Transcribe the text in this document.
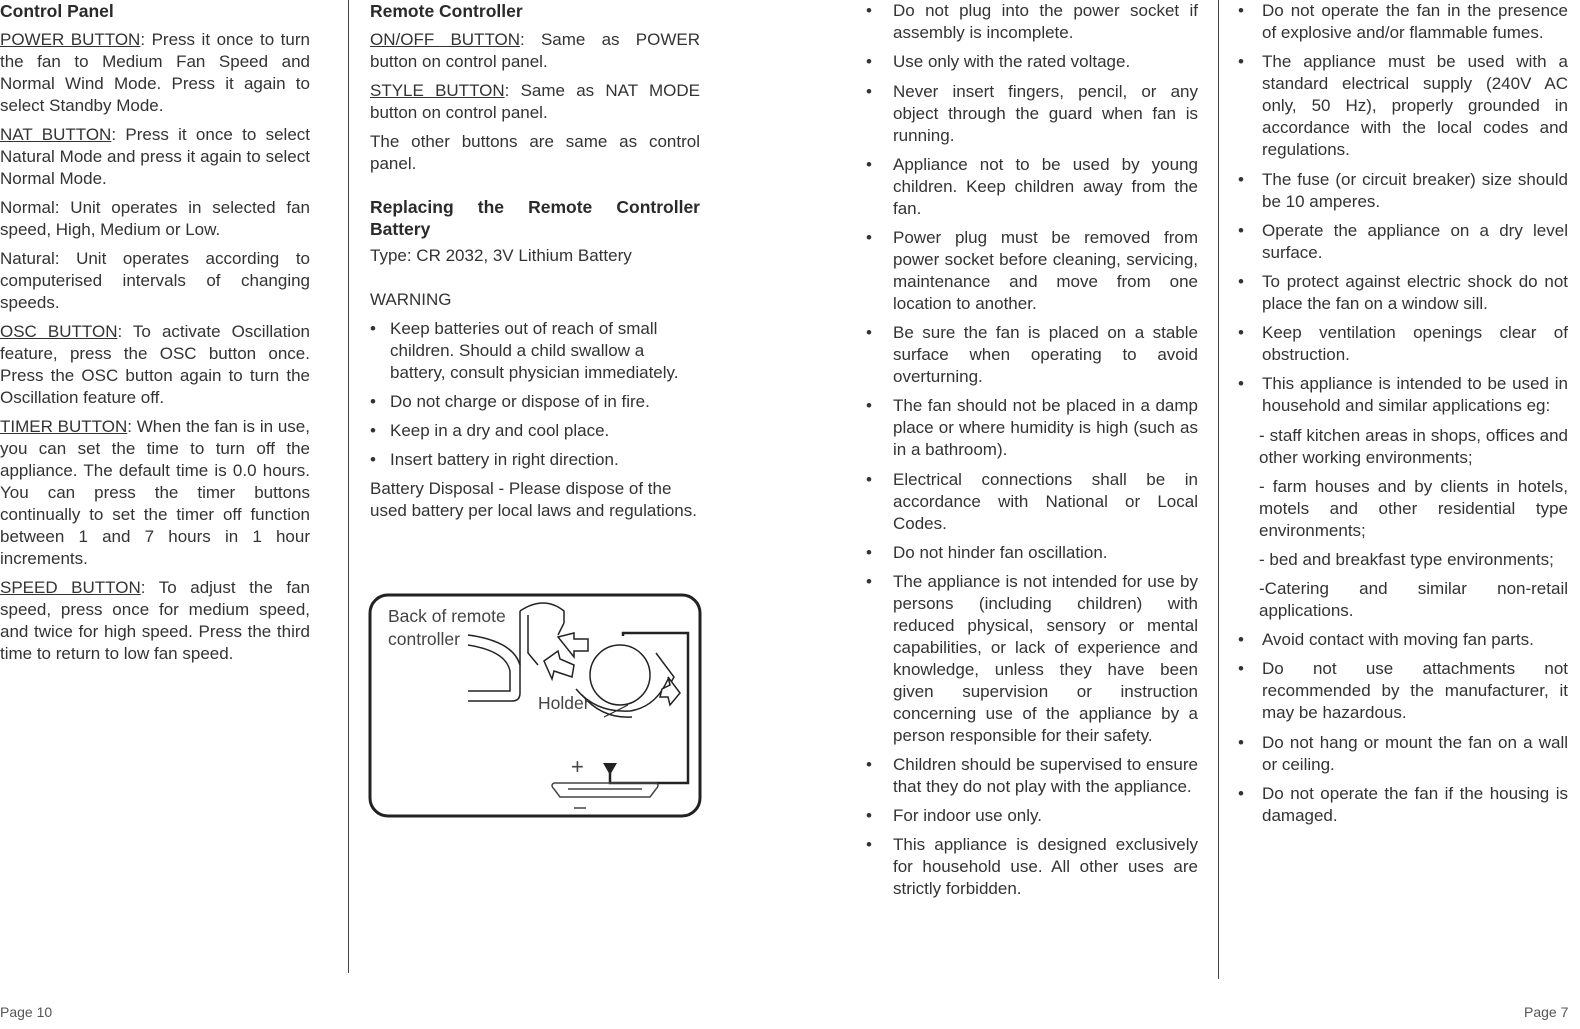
Control Panel

POWER BUTTON: Press it once to turn the fan to Medium Fan Speed and Normal Wind Mode. Press it again to select Standby Mode.

NAT BUTTON: Press it once to select Natural Mode and press it again to select Normal Mode.

Normal: Unit operates in selected fan speed, High, Medium or Low.

Natural: Unit operates according to computerised intervals of changing speeds.

OSC BUTTON: To activate Oscillation feature, press the OSC button once. Press the OSC button again to turn the Oscillation feature off.

TIMER BUTTON: When the fan is in use, you can set the time to turn off the appliance. The default time is 0.0 hours. You can press the timer buttons continually to set the timer off function between 1 and 7 hours in 1 hour increments.

SPEED BUTTON: To adjust the fan speed, press once for medium speed, and twice for high speed. Press the third time to return to low fan speed.

Remote Controller

ON/OFF BUTTON: Same as POWER button on control panel.

STYLE BUTTON: Same as NAT MODE button on control panel.

The other buttons are same as control panel.

Replacing the Remote Controller Battery

Type: CR 2032, 3V Lithium Battery

WARNING

• Keep batteries out of reach of small children. Should a child swallow a battery, consult physician immediately.
• Do not charge or dispose of in fire.
• Keep in a dry and cool place.
• Insert battery in right direction.

Battery Disposal - Please dispose of the used battery per local laws and regulations.

Back of remote
controller
Holder
+
• Do not plug into the power socket if assembly is incomplete.
• Use only with the rated voltage.
• Never insert fingers, pencil, or any object through the guard when fan is running.
• Appliance not to be used by young children. Keep children away from the fan.
• Power plug must be removed from power socket before cleaning, servicing, maintenance and move from one location to another.
• Be sure the fan is placed on a stable surface when operating to avoid overturning.
• The fan should not be placed in a damp place or where humidity is high (such as in a bathroom).
• Electrical connections shall be in accordance with National or Local Codes.
• Do not hinder fan oscillation.
• The appliance is not intended for use by persons (including children) with reduced physical, sensory or mental capabilities, or lack of experience and knowledge, unless they have been given supervision or instruction concerning use of the appliance by a person responsible for their safety.
• Children should be supervised to ensure that they do not play with the appliance.
• For indoor use only.
• This appliance is designed exclusively for household use. All other uses are strictly forbidden.
• Do not operate the fan in the presence of explosive and/or flammable fumes.
• The appliance must be used with a standard electrical supply (240V AC only, 50 Hz), properly grounded in accordance with the local codes and regulations.
• The fuse (or circuit breaker) size should be 10 amperes.
• Operate the appliance on a dry level surface.
• To protect against electric shock do not place the fan on a window sill.
• Keep ventilation openings clear of obstruction.
• This appliance is intended to be used in household and similar applications eg:
- staff kitchen areas in shops, offices and other working environments;
- farm houses and by clients in hotels, motels and other residential type environments;
- bed and breakfast type environments;
-Catering and similar non-retail applications.
• Avoid contact with moving fan parts.
• Do not use attachments not recommended by the manufacturer, it may be hazardous.
• Do not hang or mount the fan on a wall or ceiling.
• Do not operate the fan if the housing is damaged.
Page 10	Page 7
